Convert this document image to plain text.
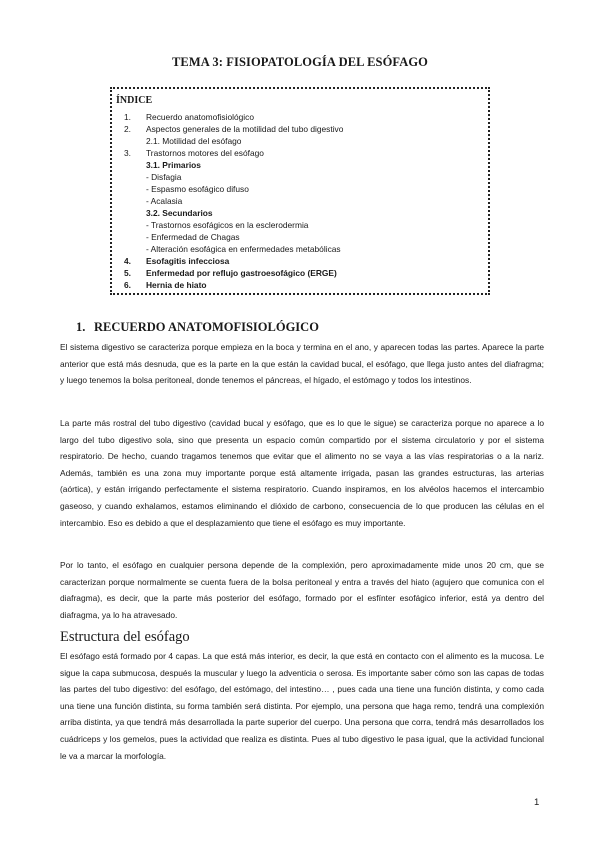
TEMA 3: FISIOPATOLOGÍA DEL ESÓFAGO
ÍNDICE
1. Recuerdo anatomofisiológico
2. Aspectos generales de la motilidad del tubo digestivo
2.1. Motilidad del esófago
3. Trastornos motores del esófago
3.1. Primarios
- Disfagia
- Espasmo esofágico difuso
- Acalasia
3.2. Secundarios
- Trastornos esofágicos en la esclerodermia
- Enfermedad de Chagas
- Alteración esofágica en enfermedades metabólicas
4. Esofagitis infecciosa
5. Enfermedad por reflujo gastroesofágico (ERGE)
6. Hernia de hiato
1. RECUERDO ANATOMOFISIOLÓGICO

El sistema digestivo se caracteriza porque empieza en la boca y termina en el ano, y aparecen todas las partes. Aparece la parte anterior que está más desnuda, que es la parte en la que están la cavidad bucal, el esófago, que llega justo antes del diafragma; y luego tenemos la bolsa peritoneal, donde tenemos el páncreas, el hígado, el estómago y todos los intestinos.

La parte más rostral del tubo digestivo (cavidad bucal y esófago, que es lo que le sigue) se caracteriza porque no aparece a lo largo del tubo digestivo sola, sino que presenta un espacio común compartido por el sistema circulatorio y por el sistema respiratorio. De hecho, cuando tragamos tenemos que evitar que el alimento no se vaya a las vías respiratorias o a la nariz. Además, también es una zona muy importante porque está altamente irrigada, pasan las grandes estructuras, las arterias (aórtica), y están irrigando perfectamente el sistema respiratorio. Cuando inspiramos, en los alvéolos hacemos el intercambio gaseoso, y cuando exhalamos, estamos eliminando el dióxido de carbono, consecuencia de lo que producen las células en el intercambio. Eso es debido a que el desplazamiento que tiene el esófago es muy importante.

Por lo tanto, el esófago en cualquier persona depende de la complexión, pero aproximadamente mide unos 20 cm, que se caracterizan porque normalmente se cuenta fuera de la bolsa peritoneal y entra a través del hiato (agujero que comunica con el diafragma), es decir, que la parte más posterior del esófago, formado por el esfínter esofágico inferior, está ya dentro del diafragma, ya lo ha atravesado.

Estructura del esófago

El esófago está formado por 4 capas. La que está más interior, es decir, la que está en contacto con el alimento es la mucosa. Le sigue la capa submucosa, después la muscular y luego la adventicia o serosa. Es importante saber cómo son las capas de todas las partes del tubo digestivo: del esófago, del estómago, del intestino… , pues cada una tiene una función distinta, y como cada una tiene una función distinta, su forma también será distinta. Por ejemplo, una persona que haga remo, tendrá una complexión arriba distinta, ya que tendrá más desarrollada la parte superior del cuerpo. Una persona que corra, tendrá más desarrollados los cuádriceps y los gemelos, pues la actividad que realiza es distinta. Pues al tubo digestivo le pasa igual, que la actividad funcional le va a marcar la morfología.

1
